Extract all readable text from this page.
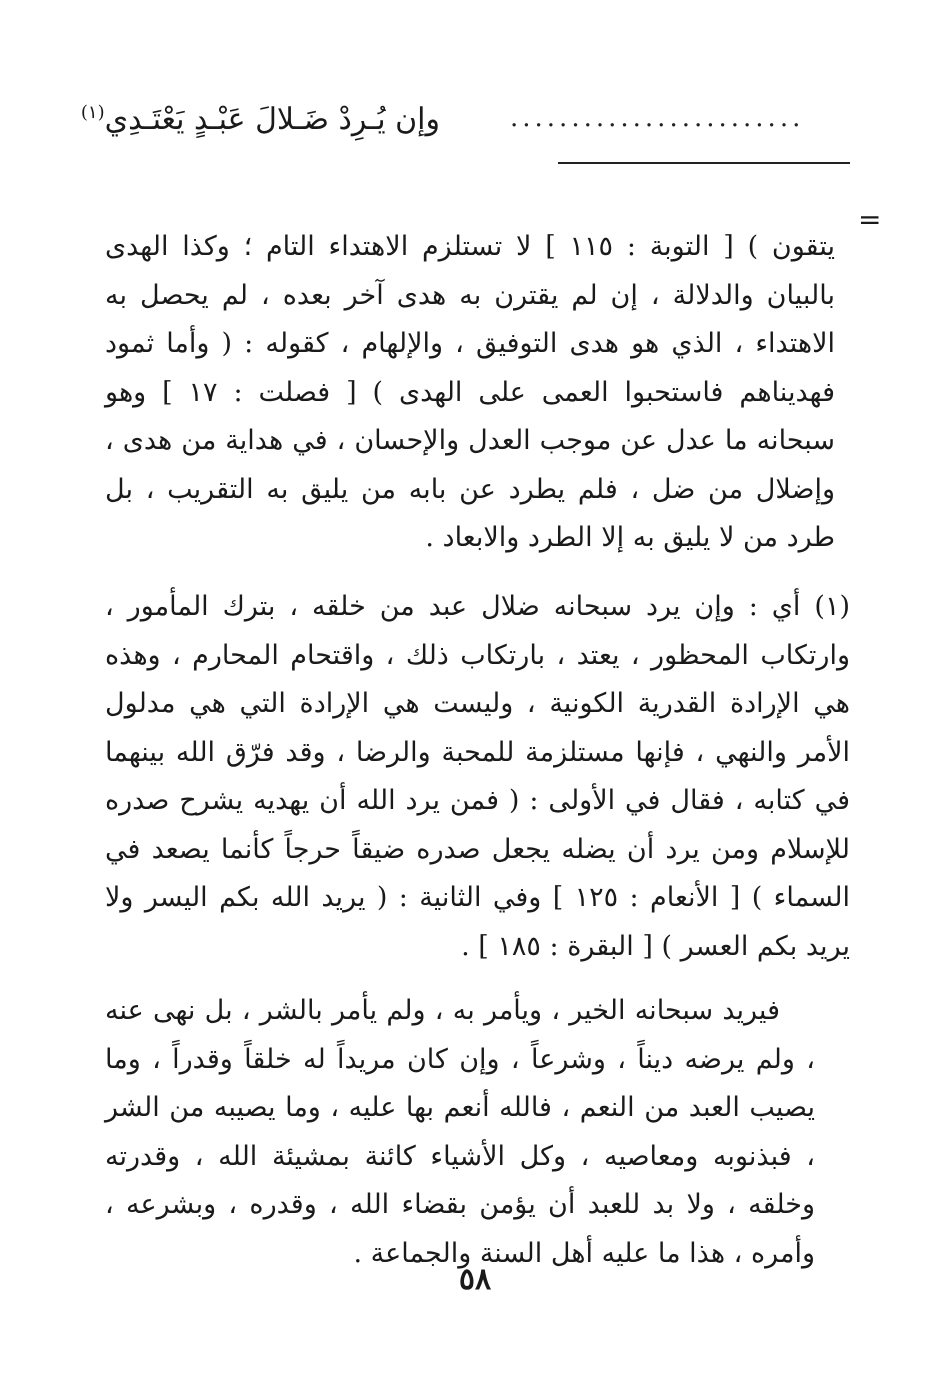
وإن يُـرِدْ ضَـلالَ عَبْـدٍ يَعْتَـدِي$^{(١)}$	........................
=

يتقون ) [ التوبة : ١١٥ ] لا تستلزم الاهتداء التام ؛ وكذا الهدى بالبيان والدلالة ، إن لم يقترن به هدى آخر بعده ، لم يحصل به الاهتداء ، الذي هو هدى التوفيق ، والإلهام ، كقوله : ( وأما ثمود فهديناهم فاستحبوا العمى على الهدى ) [ فصلت : ١٧ ] وهو سبحانه ما عدل عن موجب العدل والإحسان ، في هداية من هدى ، وإضلال من ضل ، فلم يطرد عن بابه من يليق به التقريب ، بل طرد من لا يليق به إلا الطرد والابعاد .

(١) أي : وإن يرد سبحانه ضلال عبد من خلقه ، بترك المأمور ، وارتكاب المحظور ، يعتد ، بارتكاب ذلك ، واقتحام المحارم ، وهذه هي الإرادة القدرية الكونية ، وليست هي الإرادة التي هي مدلول الأمر والنهي ، فإنها مستلزمة للمحبة والرضا ، وقد فرّق الله بينهما في كتابه ، فقال في الأولى : ( فمن يرد الله أن يهديه يشرح صدره للإسلام ومن يرد أن يضله يجعل صدره ضيقاً حرجاً كأنما يصعد في السماء ) [ الأنعام : ١٢٥ ] وفي الثانية : ( يريد الله بكم اليسر ولا يريد بكم العسر ) [ البقرة : ١٨٥ ] .

فيريد سبحانه الخير ، ويأمر به ، ولم يأمر بالشر ، بل نهى عنه ، ولم يرضه ديناً ، وشرعاً ، وإن كان مريداً له خلقاً وقدراً ، وما يصيب العبد من النعم ، فالله أنعم بها عليه ، وما يصيبه من الشر ، فبذنوبه ومعاصيه ، وكل الأشياء كائنة بمشيئة الله ، وقدرته وخلقه ، ولا بد للعبد أن يؤمن بقضاء الله ، وقدره ، وبشرعه ، وأمره ، هذا ما عليه أهل السنة والجماعة .

٥٨
